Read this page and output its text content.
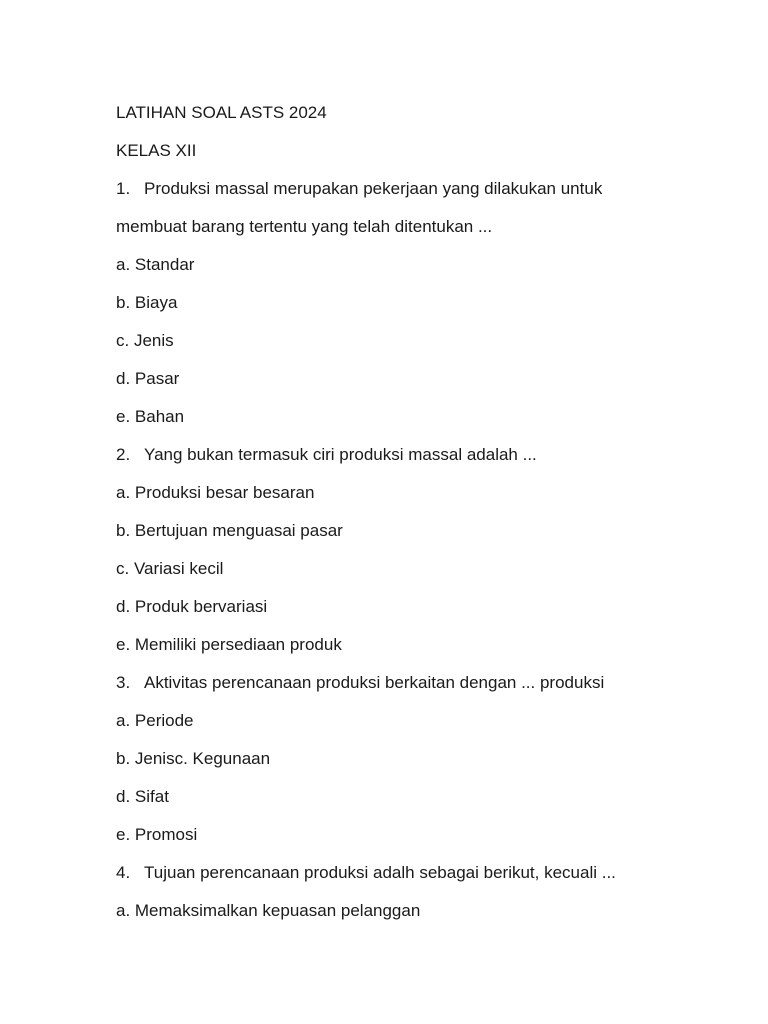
LATIHAN SOAL ASTS 2024
KELAS XII
1. Produksi massal merupakan pekerjaan yang dilakukan untuk
membuat barang tertentu yang telah ditentukan ...
a. Standar
b. Biaya
c. Jenis
d. Pasar
e. Bahan
2. Yang bukan termasuk ciri produksi massal adalah ...
a. Produksi besar besaran
b. Bertujuan menguasai pasar
c. Variasi kecil
d. Produk bervariasi
e. Memiliki persediaan produk
3. Aktivitas perencanaan produksi berkaitan dengan ... produksi
a. Periode
b. Jenisc. Kegunaan
d. Sifat
e. Promosi
4. Tujuan perencanaan produksi adalh sebagai berikut, kecuali ...
a. Memaksimalkan kepuasan pelanggan
